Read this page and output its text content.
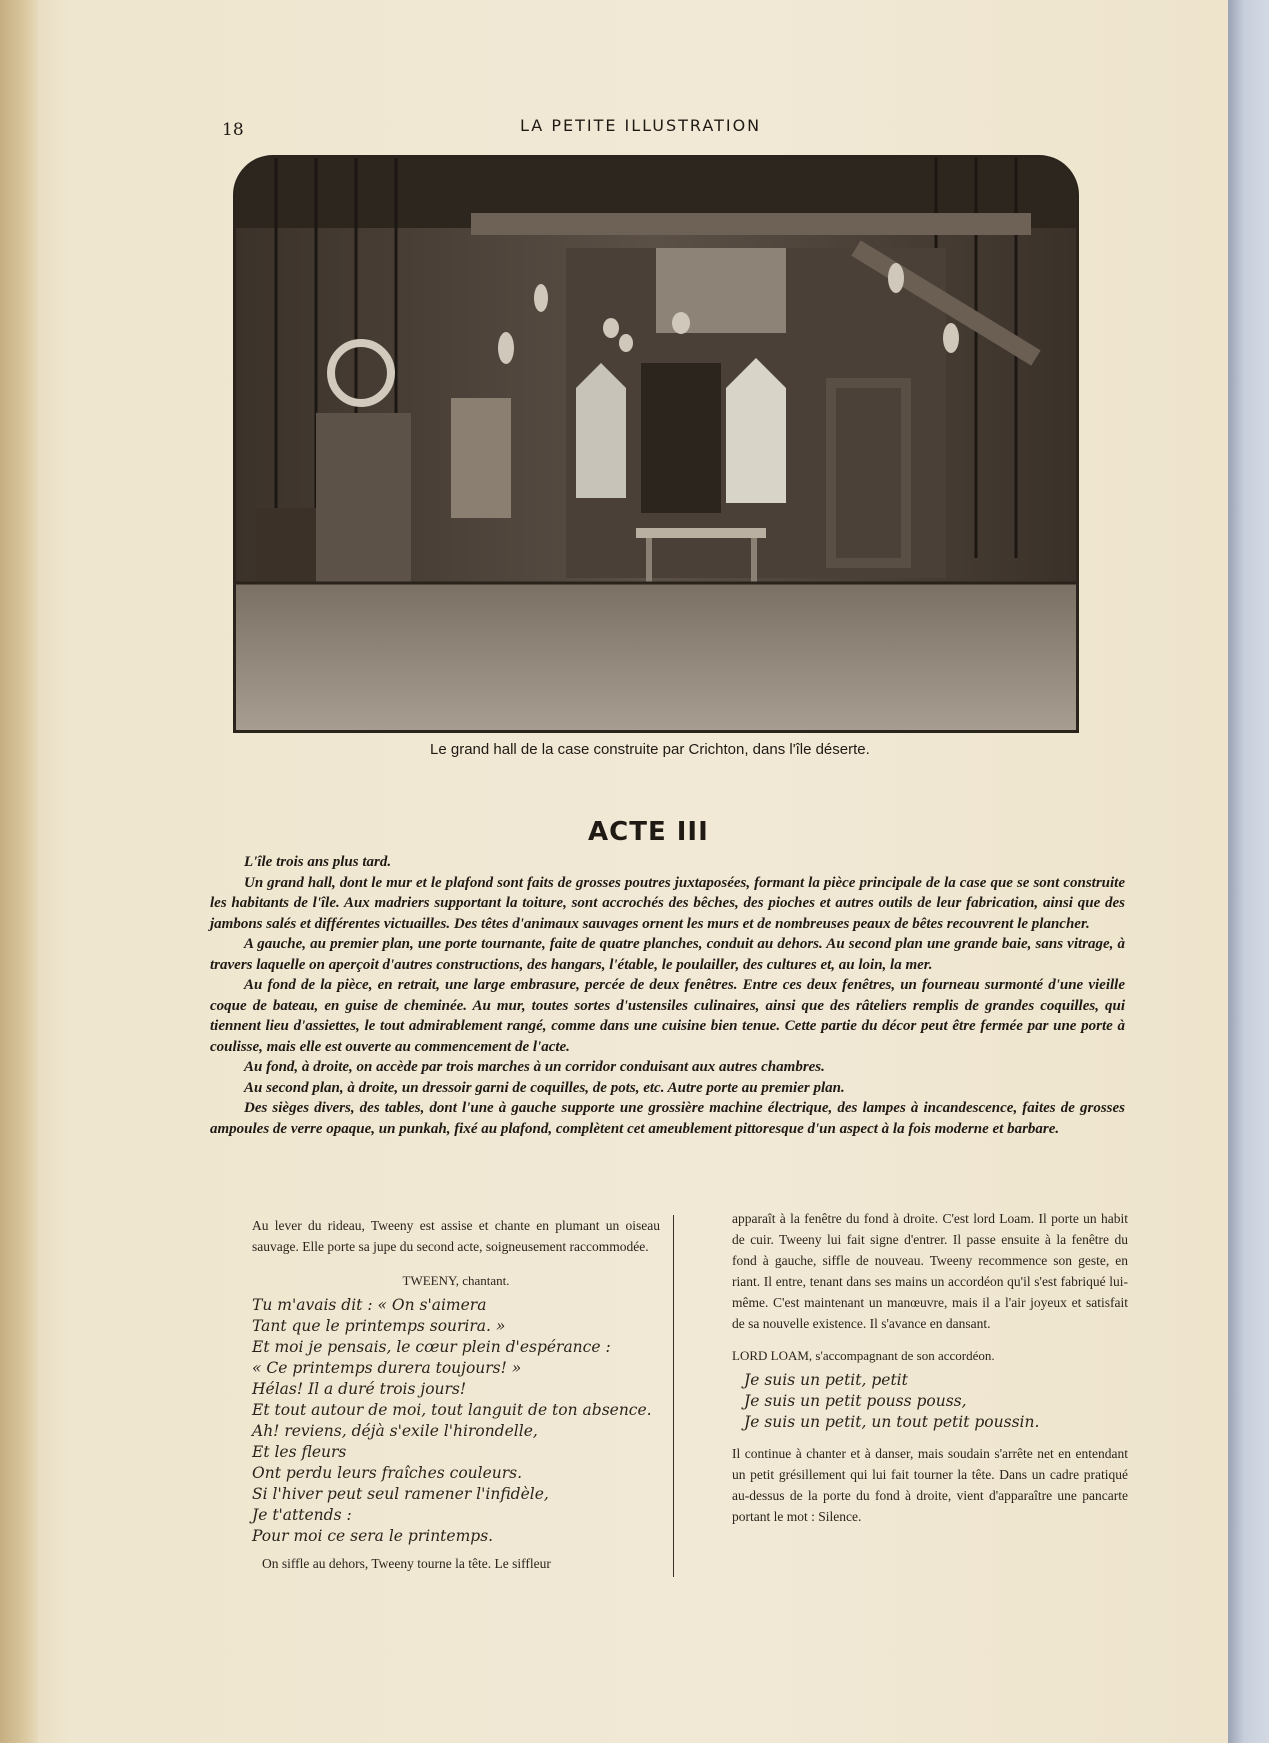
18	LA PETITE ILLUSTRATION
Le grand hall de la case construite par Crichton, dans l'île déserte.
ACTE III

L'île trois ans plus tard.

Un grand hall, dont le mur et le plafond sont faits de grosses poutres juxtaposées, formant la pièce principale de la case que se sont construite les habitants de l'île. Aux madriers supportant la toiture, sont accrochés des bêches, des pioches et autres outils de leur fabrication, ainsi que des jambons salés et différentes victuailles. Des têtes d'animaux sauvages ornent les murs et de nombreuses peaux de bêtes recouvrent le plancher.

A gauche, au premier plan, une porte tournante, faite de quatre planches, conduit au dehors. Au second plan une grande baie, sans vitrage, à travers laquelle on aperçoit d'autres constructions, des hangars, l'étable, le poulailler, des cultures et, au loin, la mer.

Au fond de la pièce, en retrait, une large embrasure, percée de deux fenêtres. Entre ces deux fenêtres, un fourneau surmonté d'une vieille coque de bateau, en guise de cheminée. Au mur, toutes sortes d'ustensiles culinaires, ainsi que des râteliers remplis de grandes coquilles, qui tiennent lieu d'assiettes, le tout admirablement rangé, comme dans une cuisine bien tenue. Cette partie du décor peut être fermée par une porte à coulisse, mais elle est ouverte au commencement de l'acte.

Au fond, à droite, on accède par trois marches à un corridor conduisant aux autres chambres.

Au second plan, à droite, un dressoir garni de coquilles, de pots, etc. Autre porte au premier plan.

Des sièges divers, des tables, dont l'une à gauche supporte une grossière machine électrique, des lampes à incandescence, faites de grosses ampoules de verre opaque, un punkah, fixé au plafond, complètent cet ameublement pittoresque d'un aspect à la fois moderne et barbare.

Au lever du rideau, Tweeny est assise et chante en plumant un oiseau sauvage. Elle porte sa jupe du second acte, soigneusement raccommodée.

TWEENY, chantant.

Tu m'avais dit : « On s'aimera
Tant que le printemps sourira. »
Et moi je pensais, le cœur plein d'espérance :
« Ce printemps durera toujours! »
Hélas! Il a duré trois jours!
Et tout autour de moi, tout languit de ton absence.
Ah! reviens, déjà s'exile l'hirondelle,
Et les fleurs
Ont perdu leurs fraîches couleurs.
Si l'hiver peut seul ramener l'infidèle,
Je t'attends :
Pour moi ce sera le printemps.

On siffle au dehors, Tweeny tourne la tête. Le siffleur

apparaît à la fenêtre du fond à droite. C'est lord Loam. Il porte un habit de cuir. Tweeny lui fait signe d'entrer. Il passe ensuite à la fenêtre du fond à gauche, siffle de nouveau. Tweeny recommence son geste, en riant. Il entre, tenant dans ses mains un accordéon qu'il s'est fabriqué lui-même. C'est maintenant un manœuvre, mais il a l'air joyeux et satisfait de sa nouvelle existence. Il s'avance en dansant.

LORD LOAM, s'accompagnant de son accordéon.

Je suis un petit, petit
Je suis un petit pouss pouss,
Je suis un petit, un tout petit poussin.

Il continue à chanter et à danser, mais soudain s'arrête net en entendant un petit grésillement qui lui fait tourner la tête. Dans un cadre pratiqué au-dessus de la porte du fond à droite, vient d'apparaître une pancarte portant le mot : Silence.
